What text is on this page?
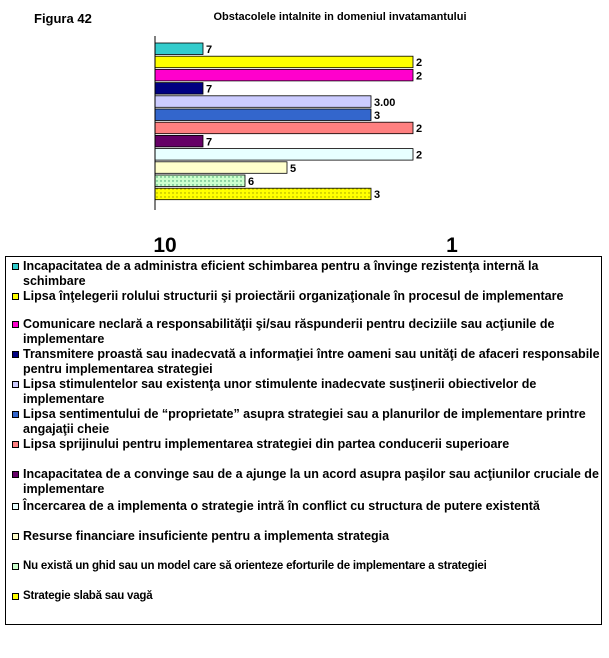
Figura 42	Obstacolele intalnite in domeniul invatamantului
7
2
2
7
3.00
3
2
7
2
5
6
3
10	1
Incapacitatea de a administra eficient schimbarea pentru a învinge rezistenţa internă la schimbare
Lipsa înţelegerii rolului structurii şi proiectării organizaţionale în procesul de implementare
Comunicare neclară a responsabilităţii şi/sau răspunderii pentru deciziile sau acţiunile de implementare
Transmitere proastă sau inadecvată a informaţiei între oameni sau unităţi de afaceri responsabile pentru implementarea strategiei
Lipsa stimulentelor sau existenţa unor stimulente inadecvate susţinerii obiectivelor de implementare
Lipsa sentimentului de “proprietate” asupra strategiei sau a planurilor de implementare printre angajaţii cheie
Lipsa sprijinului pentru implementarea strategiei din partea conducerii superioare
Incapacitatea de a convinge sau de a ajunge la un acord asupra paşilor sau acţiunilor cruciale de implementare
Încercarea de a implementa o strategie intră în conflict cu structura de putere existentă
Resurse financiare insuficiente pentru a implementa strategia
Nu există un ghid sau un model care să orienteze eforturile de implementare a strategiei
Strategie slabă sau vagă
